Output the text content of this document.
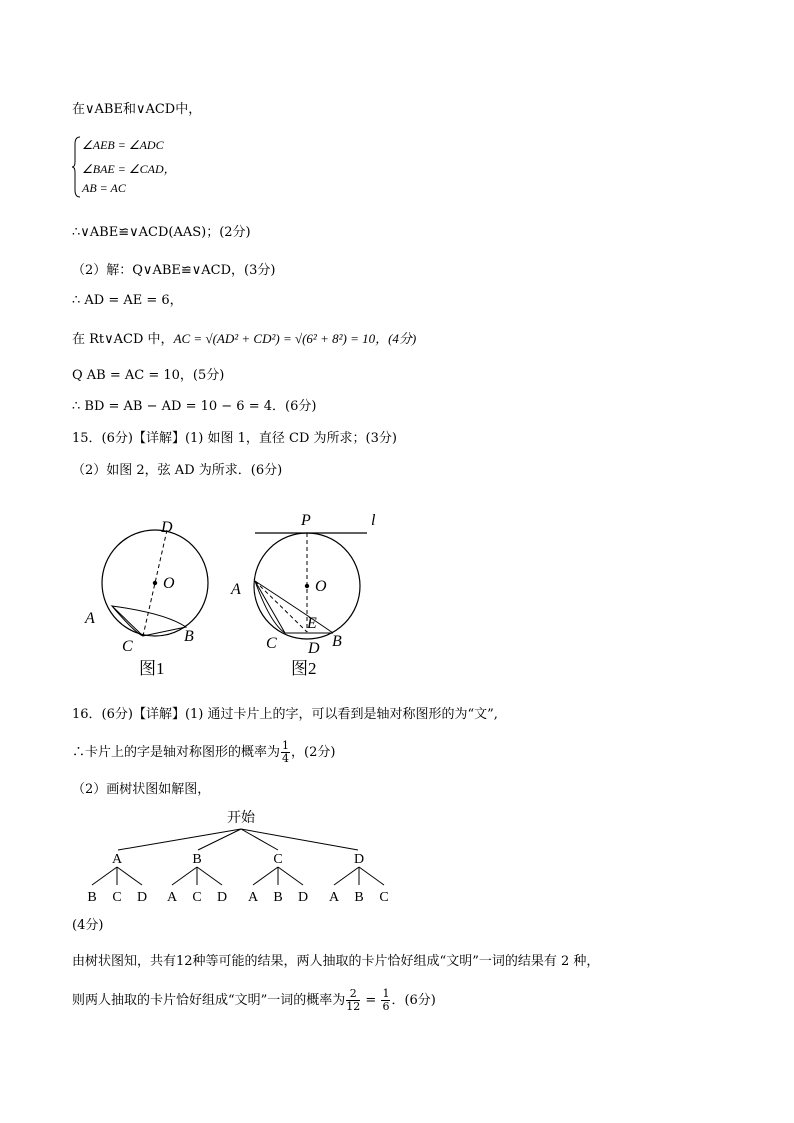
在∨ABE和∨ACD中，
∠AEB = ∠ADC
∠BAE = ∠CAD，
AB = AC
∴∨ABE≌∨ACD(AAS)；(2分)
（2）解：Q∨ABE≌∨ACD，(3分)
∴ AD = AE = 6，
在 Rt∨ACD 中，AC = √(AD² + CD²) = √(6² + 8²) = 10，(4分)
Q AB = AC = 10，(5分)
∴ BD = AB − AD = 10 − 6 = 4．(6分)
15．(6分)【详解】(1) 如图 1，直径 CD 为所求；(3分)
（2）如图 2，弦 AD 为所求．(6分)
D
O
A
C
B
图1
P	l
O
A
C
E
D B
图2
16．(6分)【详解】(1) 通过卡片上的字，可以看到是轴对称图形的为“文”,
∴卡片上的字是轴对称图形的概率为 $\frac{1}{4}$ ，(2分)
（2）画树状图如解图，
开始
A	B	C	D
B C D A C D A B D A B C
(4分)
由树状图知，共有12种等可能的结果，两人抽取的卡片恰好组成“文明”一词的结果有 2 种，
则两人抽取的卡片恰好组成“文明”一词的概率为 $\frac{2}{12} = \frac{1}{6}$ ．(6分)
